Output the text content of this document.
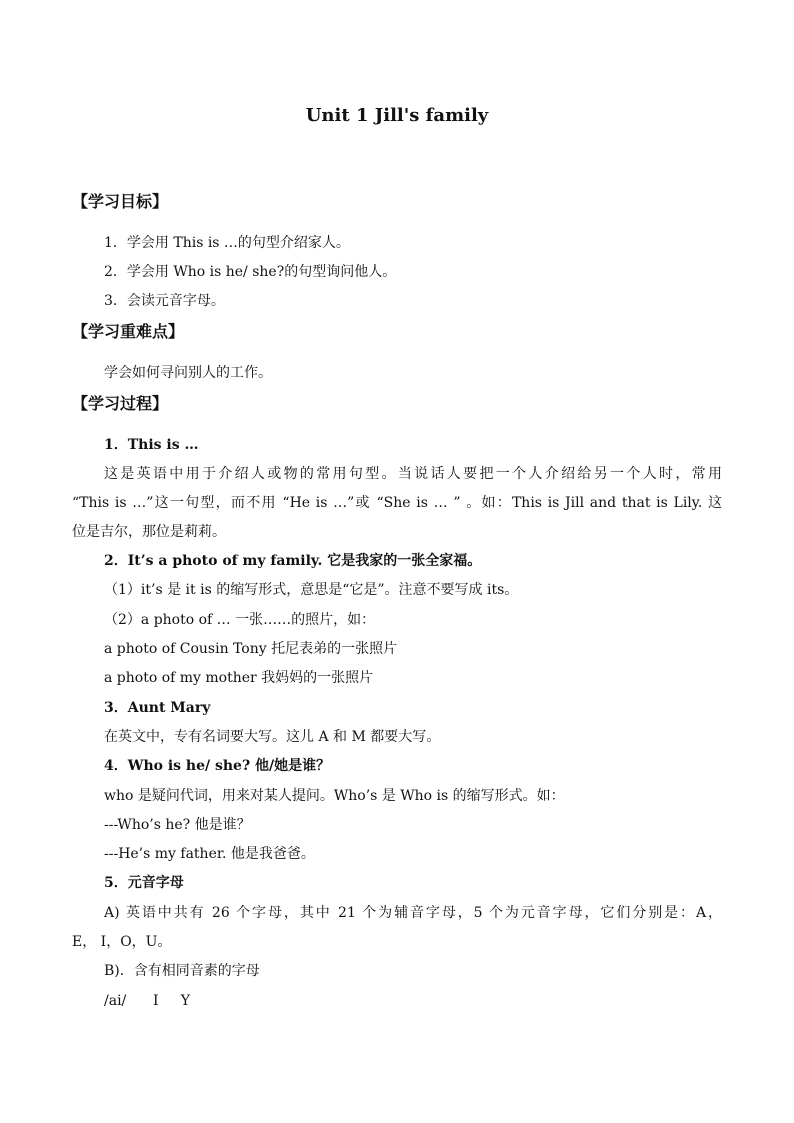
Unit 1 Jill's family
【学习目标】
1．学会用 This is …的句型介绍家人。
2．学会用 Who is he/ she?的句型询问他人。
3．会读元音字母。
【学习重难点】
学会如何寻问别人的工作。
【学习过程】
1．This is …
这是英语中用于介绍人或物的常用句型。当说话人要把一个人介绍给另一个人时，常用
“This is …”这一句型，而不用 “He is …”或 “She is … ” 。如：This is Jill and that is Lily. 这
位是吉尔，那位是莉莉。
2．It’s a photo of my family. 它是我家的一张全家福。
（1）it’s 是 it is 的缩写形式，意思是“它是”。注意不要写成 its。
（2）a photo of … 一张……的照片，如：
a photo of Cousin Tony 托尼表弟的一张照片
a photo of my mother 我妈妈的一张照片
3．Aunt Mary
在英文中，专有名词要大写。这儿 A 和 M 都要大写。
4．Who is he/ she? 他/她是谁？
who 是疑问代词，用来对某人提问。Who’s 是 Who is 的缩写形式。如：
---Who’s he? 他是谁？
---He’s my father. 他是我爸爸。
5．元音字母
A) 英语中共有 26 个字母，其中 21 个为辅音字母，5 个为元音字母，它们分别是：A，
E， I，O，U。
B)．含有相同音素的字母
/ai/      I     Y
